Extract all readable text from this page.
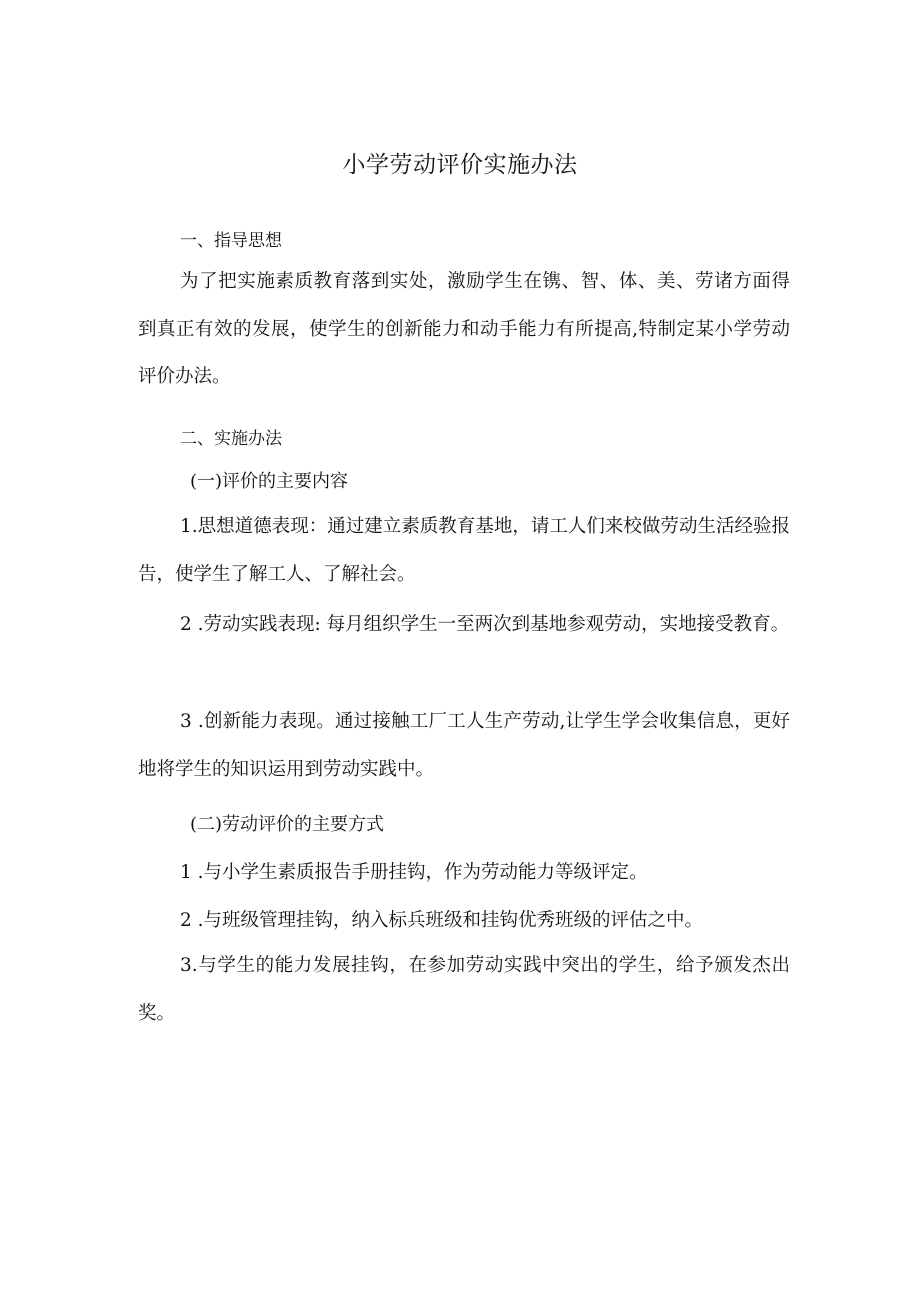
小学劳动评价实施办法
一、指导思想

为了把实施素质教育落到实处，激励学生在镌、智、体、美、劳诸方面得到真正有效的发展，使学生的创新能力和动手能力有所提高,特制定某小学劳动评价办法。

二、实施办法
(一)评价的主要内容

1.思想道德表现：通过建立素质教育基地，请工人们来校做劳动生活经验报告，使学生了解工人、了解社会。

2 .劳动实践表现: 每月组织学生一至两次到基地参观劳动，实地接受教育。

3 .创新能力表现。通过接触工厂工人生产劳动,让学生学会收集信息，更好地将学生的知识运用到劳动实践中。

(二)劳动评价的主要方式
1 .与小学生素质报告手册挂钩，作为劳动能力等级评定。
2 .与班级管理挂钩，纳入标兵班级和挂钩优秀班级的评估之中。

3.与学生的能力发展挂钩，在参加劳动实践中突出的学生，给予颁发杰出奖。
